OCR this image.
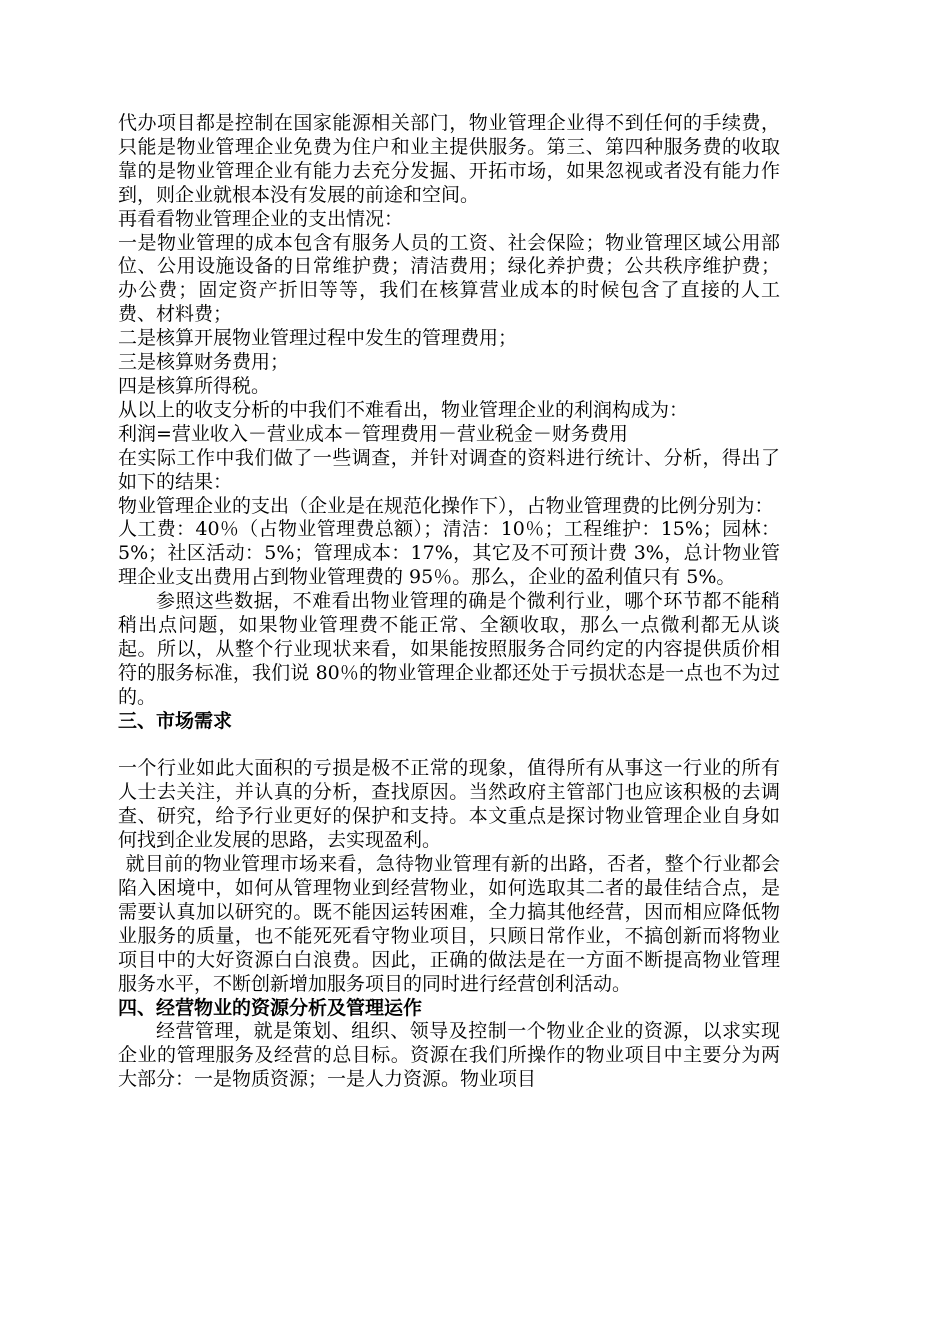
代办项目都是控制在国家能源相关部门，物业管理企业得不到任何的手续费，只能是物业管理企业免费为住户和业主提供服务。第三、第四种服务费的收取靠的是物业管理企业有能力去充分发掘、开拓市场，如果忽视或者没有能力作到，则企业就根本没有发展的前途和空间。

再看看物业管理企业的支出情况：

一是物业管理的成本包含有服务人员的工资、社会保险；物业管理区域公用部位、公用设施设备的日常维护费；清洁费用；绿化养护费；公共秩序维护费；办公费；固定资产折旧等等，我们在核算营业成本的时候包含了直接的人工费、材料费；

二是核算开展物业管理过程中发生的管理费用；

三是核算财务费用；

四是核算所得税。

从以上的收支分析的中我们不难看出，物业管理企业的利润构成为：

利润=营业收入－营业成本－管理费用－营业税金－财务费用

在实际工作中我们做了一些调查，并针对调查的资料进行统计、分析，得出了如下的结果：

物业管理企业的支出（企业是在规范化操作下），占物业管理费的比例分别为：

人工费：40％（占物业管理费总额）；清洁：10％；工程维护：15%；园林：5%；社区活动：5%；管理成本：17%，其它及不可预计费 3%，总计物业管理企业支出费用占到物业管理费的 95％。那么，企业的盈利值只有 5%。

参照这些数据，不难看出物业管理的确是个微利行业，哪个环节都不能稍稍出点问题，如果物业管理费不能正常、全额收取，那么一点微利都无从谈起。所以，从整个行业现状来看，如果能按照服务合同约定的内容提供质价相符的服务标准，我们说 80％的物业管理企业都还处于亏损状态是一点也不为过的。

三、市场需求

一个行业如此大面积的亏损是极不正常的现象，值得所有从事这一行业的所有人士去关注，并认真的分析，查找原因。当然政府主管部门也应该积极的去调查、研究，给予行业更好的保护和支持。本文重点是探讨物业管理企业自身如何找到企业发展的思路，去实现盈利。

就目前的物业管理市场来看，急待物业管理有新的出路，否者，整个行业都会陷入困境中，如何从管理物业到经营物业，如何选取其二者的最佳结合点，是需要认真加以研究的。既不能因运转困难，全力搞其他经营，因而相应降低物业服务的质量，也不能死死看守物业项目，只顾日常作业，不搞创新而将物业项目中的大好资源白白浪费。因此，正确的做法是在一方面不断提高物业管理服务水平，不断创新增加服务项目的同时进行经营创利活动。

四、经营物业的资源分析及管理运作

经营管理，就是策划、组织、领导及控制一个物业企业的资源，以求实现企业的管理服务及经营的总目标。资源在我们所操作的物业项目中主要分为两大部分：一是物质资源；一是人力资源。物业项目
